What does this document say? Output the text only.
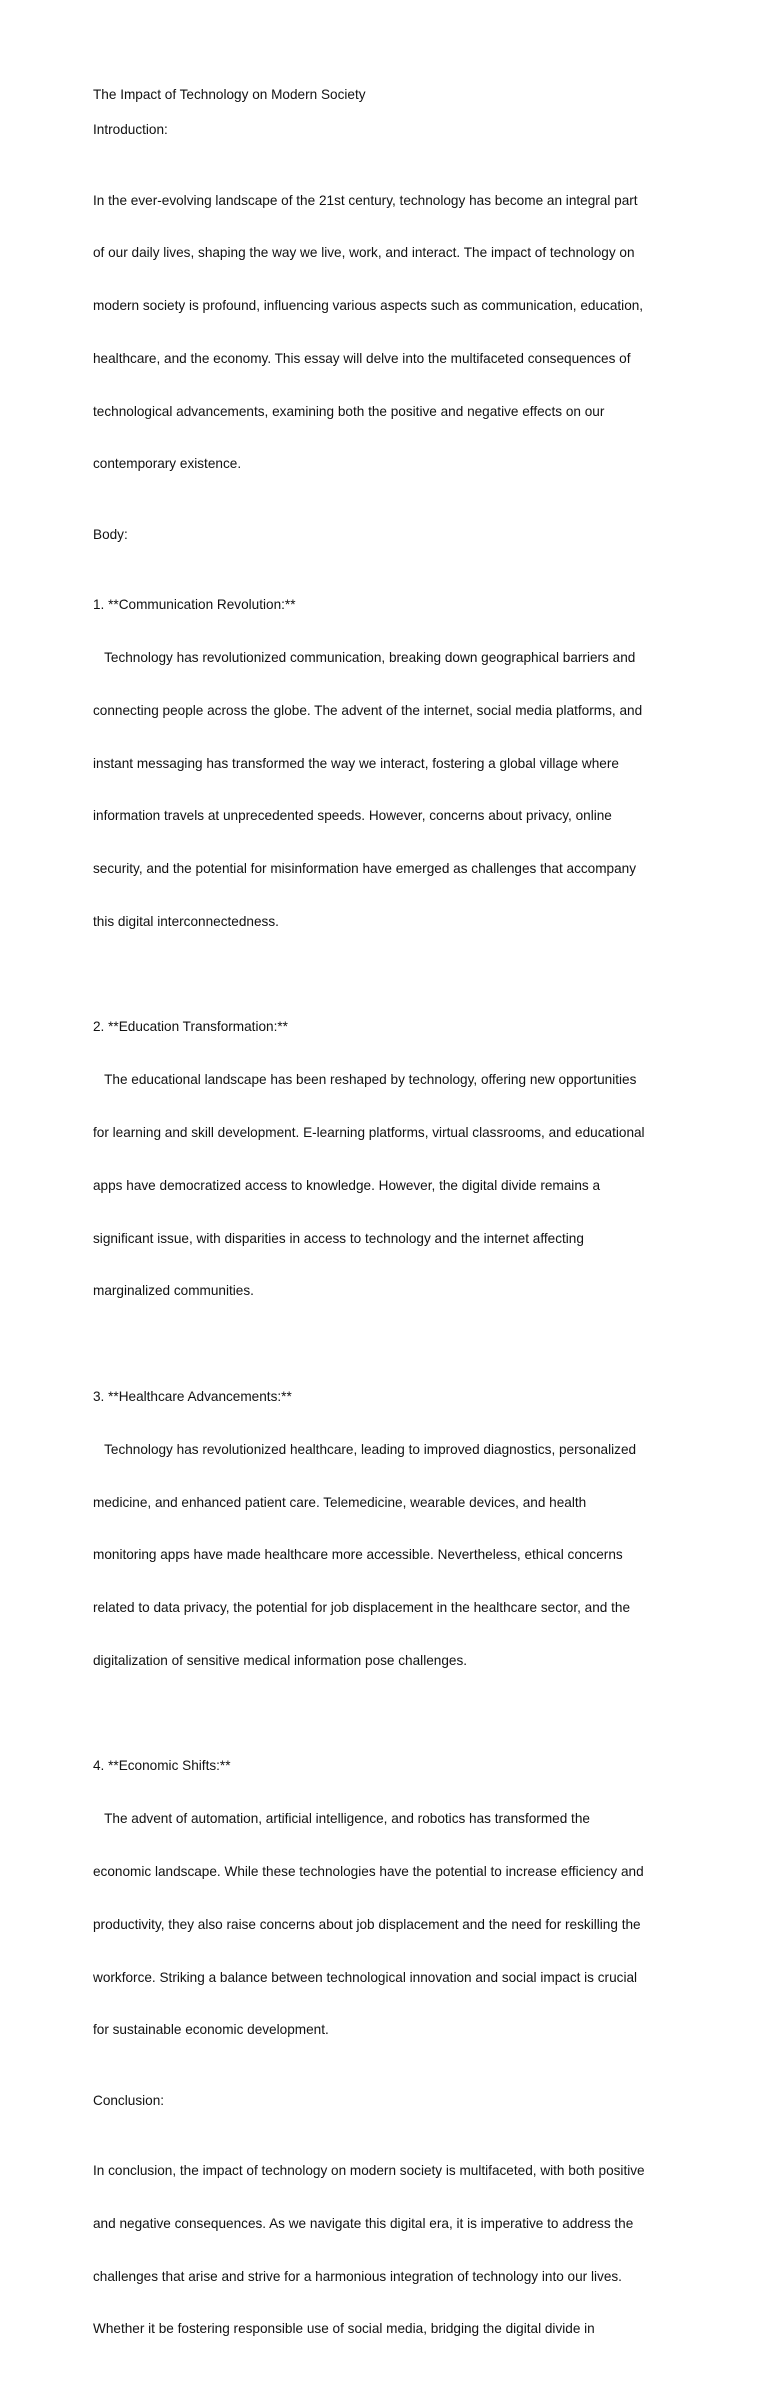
The Impact of Technology on Modern Society
Introduction:

In the ever-evolving landscape of the 21st century, technology has become an integral part

of our daily lives, shaping the way we live, work, and interact. The impact of technology on

modern society is profound, influencing various aspects such as communication, education,

healthcare, and the economy. This essay will delve into the multifaceted consequences of

technological advancements, examining both the positive and negative effects on our

contemporary existence.

Body:

1. **Communication Revolution:**

Technology has revolutionized communication, breaking down geographical barriers and

connecting people across the globe. The advent of the internet, social media platforms, and

instant messaging has transformed the way we interact, fostering a global village where

information travels at unprecedented speeds. However, concerns about privacy, online

security, and the potential for misinformation have emerged as challenges that accompany

this digital interconnectedness.

2. **Education Transformation:**

The educational landscape has been reshaped by technology, offering new opportunities

for learning and skill development. E-learning platforms, virtual classrooms, and educational

apps have democratized access to knowledge. However, the digital divide remains a

significant issue, with disparities in access to technology and the internet affecting

marginalized communities.

3. **Healthcare Advancements:**

Technology has revolutionized healthcare, leading to improved diagnostics, personalized

medicine, and enhanced patient care. Telemedicine, wearable devices, and health

monitoring apps have made healthcare more accessible. Nevertheless, ethical concerns

related to data privacy, the potential for job displacement in the healthcare sector, and the

digitalization of sensitive medical information pose challenges.

4. **Economic Shifts:**

The advent of automation, artificial intelligence, and robotics has transformed the

economic landscape. While these technologies have the potential to increase efficiency and

productivity, they also raise concerns about job displacement and the need for reskilling the

workforce. Striking a balance between technological innovation and social impact is crucial

for sustainable economic development.

Conclusion:

In conclusion, the impact of technology on modern society is multifaceted, with both positive

and negative consequences. As we navigate this digital era, it is imperative to address the

challenges that arise and strive for a harmonious integration of technology into our lives.

Whether it be fostering responsible use of social media, bridging the digital divide in
